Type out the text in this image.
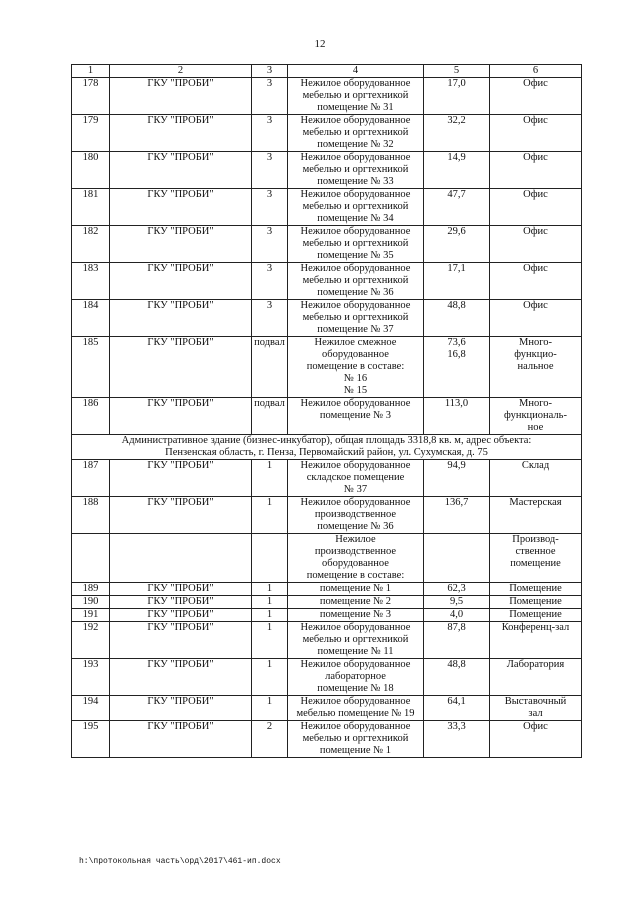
12
1	2	3	4	5	6
178	ГКУ "ПРОБИ"	3	Нежилое оборудованное
мебелью и оргтехникой
помещение № 31	17,0	Офис
179	ГКУ "ПРОБИ"	3	Нежилое оборудованное
мебелью и оргтехникой
помещение № 32	32,2	Офис
180	ГКУ "ПРОБИ"	3	Нежилое оборудованное
мебелью и оргтехникой
помещение № 33	14,9	Офис
181	ГКУ "ПРОБИ"	3	Нежилое оборудованное
мебелью и оргтехникой
помещение № 34	47,7	Офис
182	ГКУ "ПРОБИ"	3	Нежилое оборудованное
мебелью и оргтехникой
помещение № 35	29,6	Офис
183	ГКУ "ПРОБИ"	3	Нежилое оборудованное
мебелью и оргтехникой
помещение № 36	17,1	Офис
184	ГКУ "ПРОБИ"	3	Нежилое оборудованное
мебелью и оргтехникой
помещение № 37	48,8	Офис
185	ГКУ "ПРОБИ"	подвал	Нежилое смежное
оборудованное
помещение в составе:
№ 16
№ 15	73,6
16,8	Много-
функцио-
нальное

186	ГКУ "ПРОБИ"	подвал	Нежилое оборудованное
помещение № 3	113,0	Много-
функциональ-
ное

Административное здание (бизнес-инкубатор), общая площадь 3318,8 кв. м, адрес объекта:
Пензенская область, г. Пенза, Первомайский район, ул. Сухумская, д. 75					

187	ГКУ "ПРОБИ"	1	Нежилое оборудованное
складское помещение
№ 37	94,9	Склад

188	ГКУ "ПРОБИ"	1	Нежилое оборудованное
производственное
помещение № 36	136,7	Мастерская

			Нежилое
производственное
оборудованное
помещение в составе:		Производ-
ственное
помещение

189	ГКУ "ПРОБИ"	1	помещение № 1	62,3	Помещение
190	ГКУ "ПРОБИ"	1	помещение № 2	9,5	Помещение
191	ГКУ "ПРОБИ"	1	помещение № 3	4,0	Помещение
192	ГКУ "ПРОБИ"	1	Нежилое оборудованное
мебелью и оргтехникой
помещение № 11	87,8	Конференц-зал

193	ГКУ "ПРОБИ"	1	Нежилое оборудованное
лабораторное
помещение № 18	48,8	Лаборатория

194	ГКУ "ПРОБИ"	1	Нежилое оборудованное
мебелью помещение № 19	64,1	Выставочный
зал

195	ГКУ "ПРОБИ"	2	Нежилое оборудованное
мебелью и оргтехникой
помещение № 1	33,3	Офис
h:\протокольная часть\орд\2017\461-ип.docx
